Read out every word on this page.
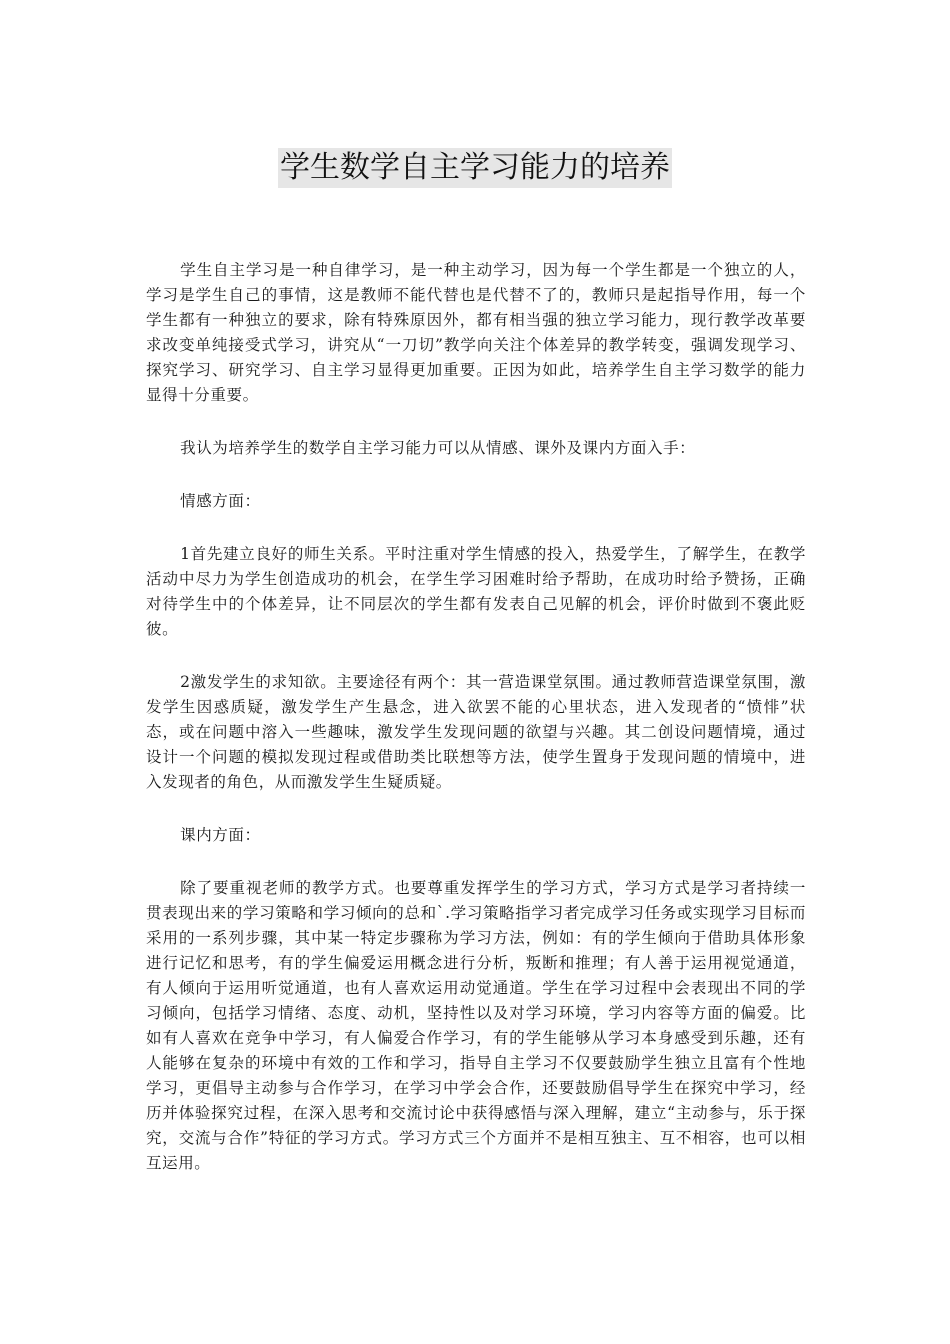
学生数学自主学习能力的培养

学生自主学习是一种自律学习，是一种主动学习，因为每一个学生都是一个独立的人，学习是学生自己的事情，这是教师不能代替也是代替不了的，教师只是起指导作用，每一个学生都有一种独立的要求，除有特殊原因外，都有相当强的独立学习能力，现行教学改革要求改变单纯接受式学习，讲究从“一刀切”教学向关注个体差异的教学转变，强调发现学习、探究学习、研究学习、自主学习显得更加重要。正因为如此，培养学生自主学习数学的能力显得十分重要。

我认为培养学生的数学自主学习能力可以从情感、课外及课内方面入手：

情感方面：

1首先建立良好的师生关系。平时注重对学生情感的投入，热爱学生，了解学生，在教学活动中尽力为学生创造成功的机会，在学生学习困难时给予帮助，在成功时给予赞扬，正确对待学生中的个体差异，让不同层次的学生都有发表自己见解的机会，评价时做到不褒此贬彼。

2激发学生的求知欲。主要途径有两个：其一营造课堂氛围。通过教师营造课堂氛围，激发学生因惑质疑，激发学生产生悬念，进入欲罢不能的心里状态，进入发现者的“愤悱”状态，或在问题中溶入一些趣味，激发学生发现问题的欲望与兴趣。其二创设问题情境，通过设计一个问题的模拟发现过程或借助类比联想等方法，使学生置身于发现问题的情境中，进入发现者的角色，从而激发学生生疑质疑。

课内方面：

除了要重视老师的教学方式。也要尊重发挥学生的学习方式，学习方式是学习者持续一贯表现出来的学习策略和学习倾向的总和`.学习策略指学习者完成学习任务或实现学习目标而采用的一系列步骤，其中某一特定步骤称为学习方法，例如：有的学生倾向于借助具体形象进行记忆和思考，有的学生偏爱运用概念进行分析，叛断和推理；有人善于运用视觉通道，有人倾向于运用听觉通道，也有人喜欢运用动觉通道。学生在学习过程中会表现出不同的学习倾向，包括学习情绪、态度、动机，坚持性以及对学习环境，学习内容等方面的偏爱。比如有人喜欢在竞争中学习，有人偏爱合作学习，有的学生能够从学习本身感受到乐趣，还有人能够在复杂的环境中有效的工作和学习，指导自主学习不仅要鼓励学生独立且富有个性地学习，更倡导主动参与合作学习，在学习中学会合作，还要鼓励倡导学生在探究中学习，经历并体验探究过程，在深入思考和交流讨论中获得感悟与深入理解，建立“主动参与，乐于探究，交流与合作”特征的学习方式。学习方式三个方面并不是相互独主、互不相容，也可以相互运用。
